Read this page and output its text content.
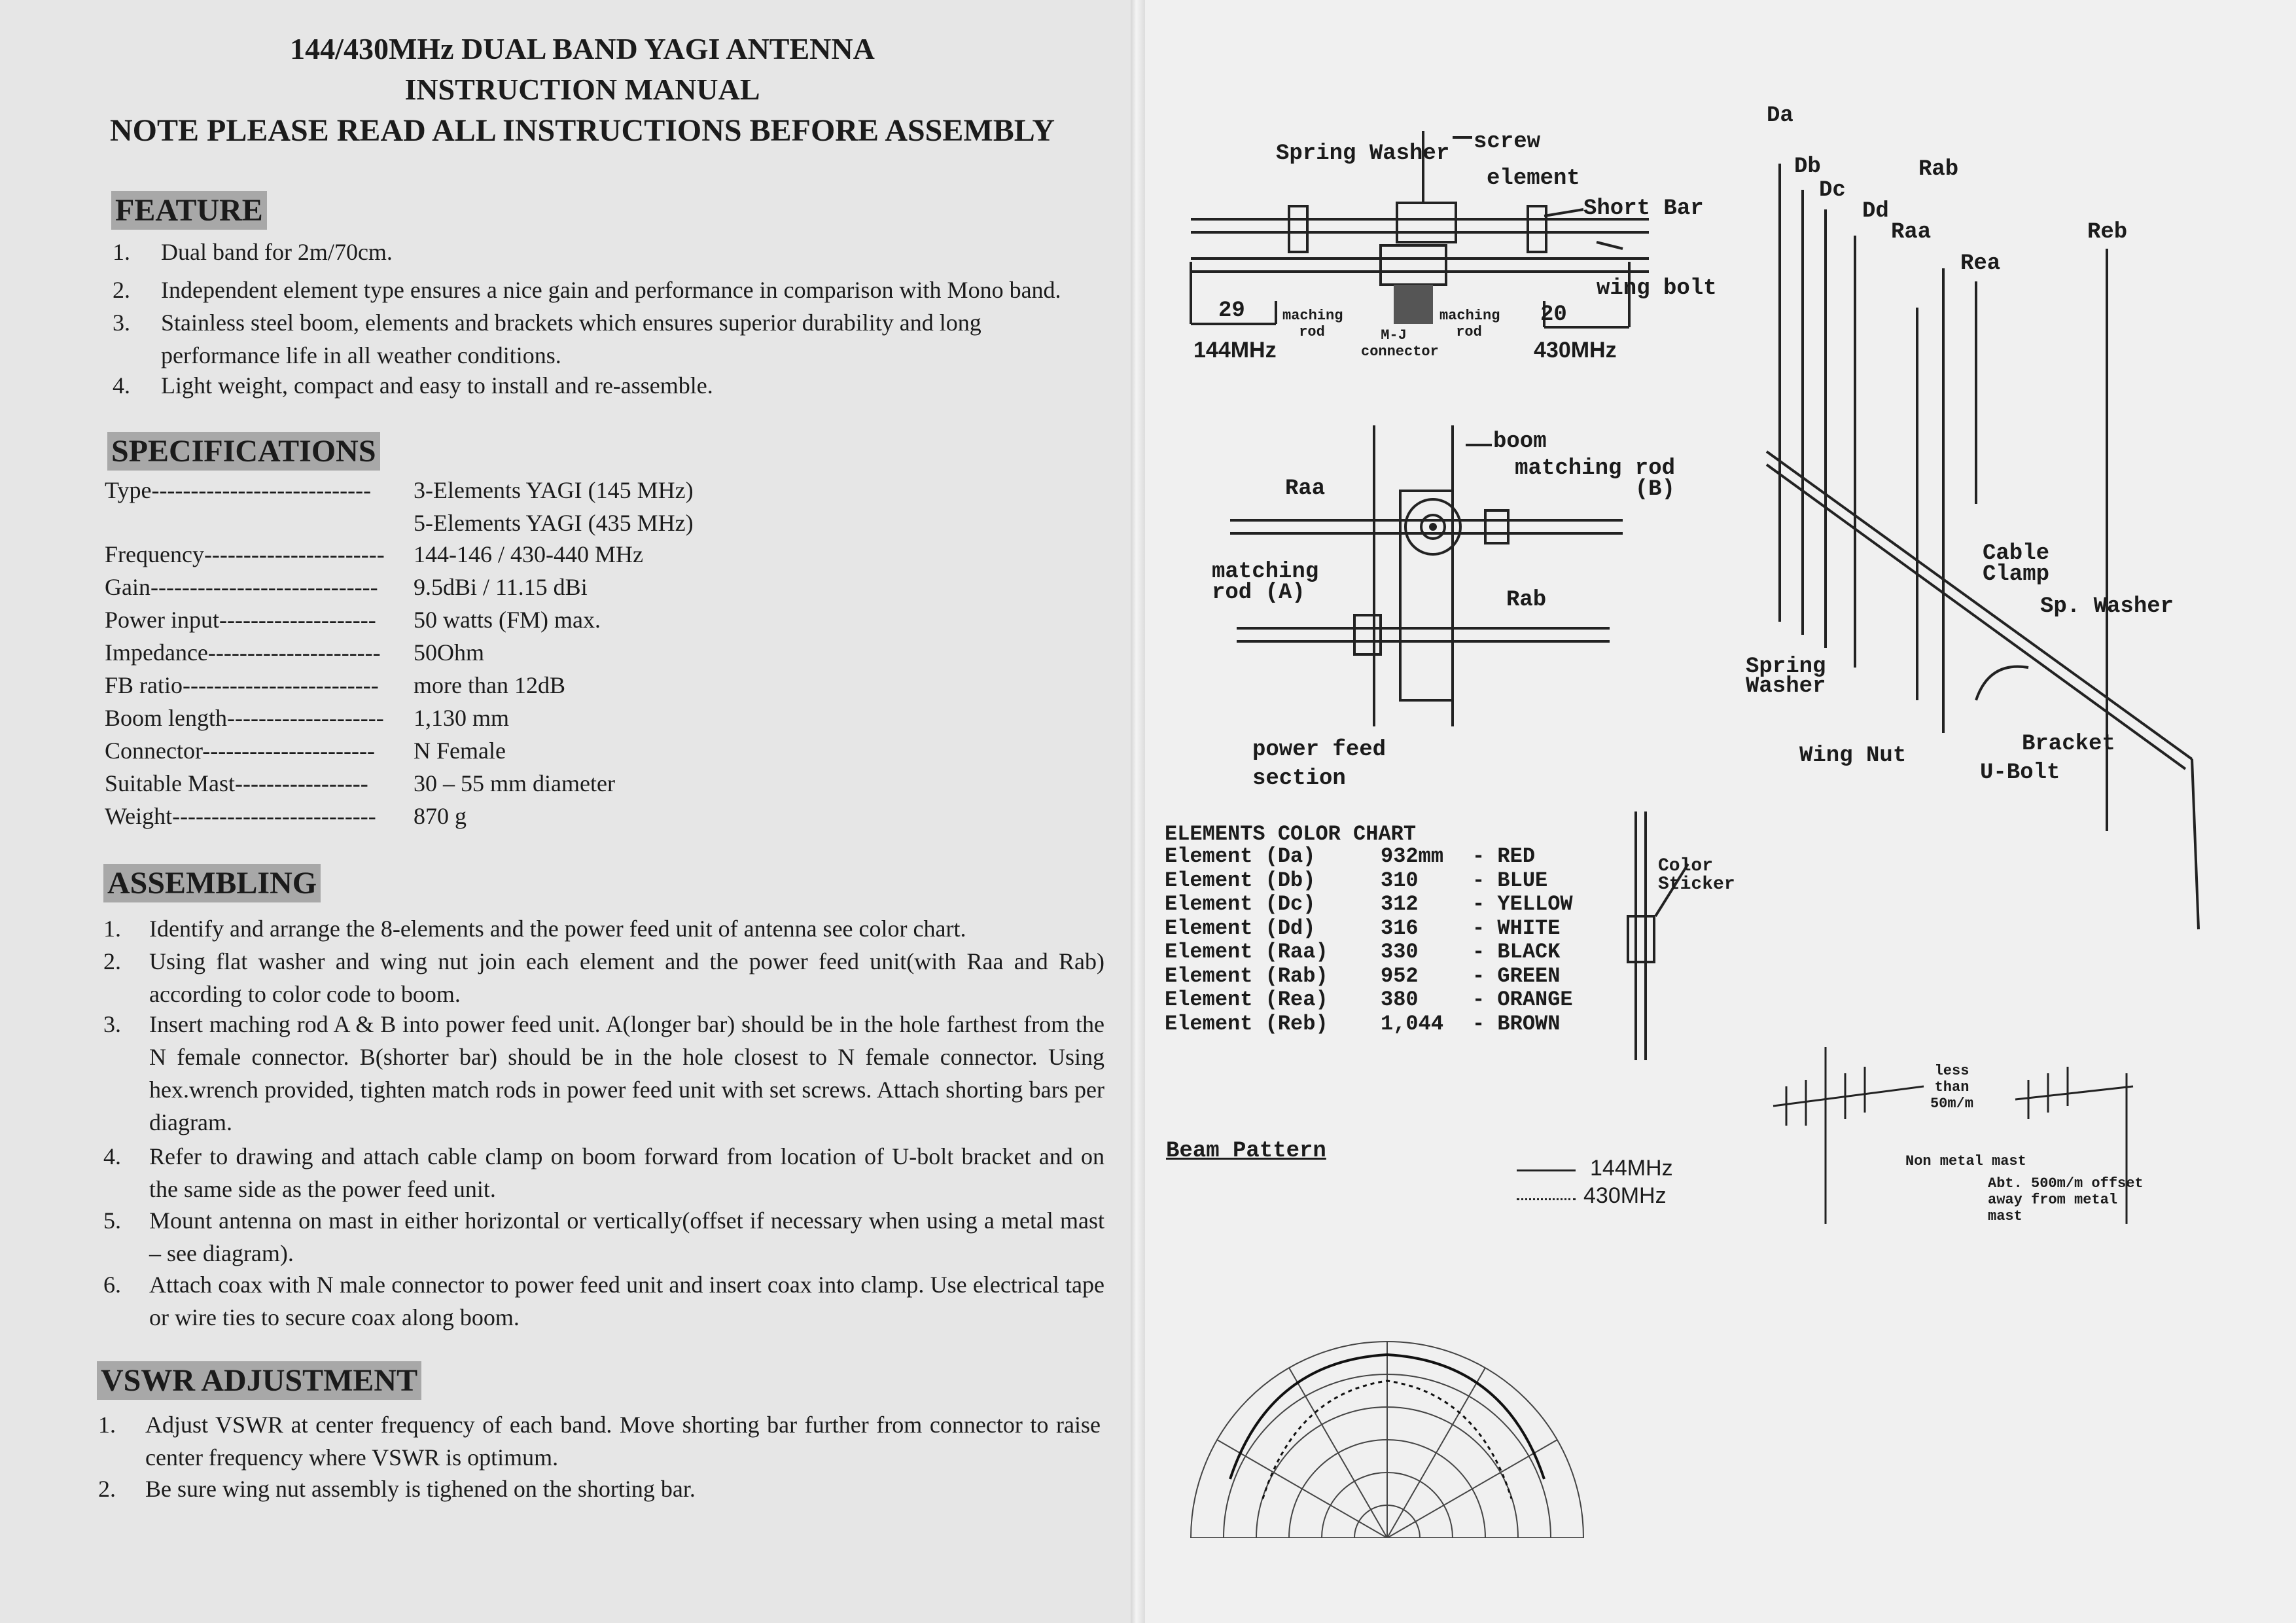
144/430MHz DUAL BAND YAGI ANTENNA
INSTRUCTION MANUAL
NOTE PLEASE READ ALL INSTRUCTIONS BEFORE ASSEMBLY
FEATURE
1. Dual band for 2m/70cm.
2. Independent element type ensures a nice gain and performance in comparison with Mono band.
3. Stainless steel boom, elements and brackets which ensures superior durability and long performance life in all weather conditions.
4. Light weight, compact and easy to install and re-assemble.
SPECIFICATIONS
Type---------------------------- 3-Elements YAGI (145 MHz)
5-Elements YAGI (435 MHz)
Frequency----------------------- 144-146 / 430-440 MHz
Gain----------------------------- 9.5dBi / 11.15 dBi
Power input-------------------- 50 watts (FM) max.
Impedance---------------------- 50Ohm
FB ratio------------------------- more than 12dB
Boom length-------------------- 1,130 mm
Connector---------------------- N Female
Suitable Mast----------------- 30 – 55 mm diameter
Weight-------------------------- 870 g
ASSEMBLING
1. Identify and arrange the 8-elements and the power feed unit of antenna see color chart.
2. Using flat washer and wing nut join each element and the power feed unit(with Raa and Rab) according to color code to boom.
3. Insert maching rod A & B into power feed unit. A(longer bar) should be in the hole farthest from the N female connector. B(shorter bar) should be in the hole closest to N female connector. Using hex.wrench provided, tighten match rods in power feed unit with set screws. Attach shorting bars per diagram.
4. Refer to drawing and attach cable clamp on boom forward from location of U-bolt bracket and on the same side as the power feed unit.
5. Mount antenna on mast in either horizontal or vertically(offset if necessary when using a metal mast – see diagram).
6. Attach coax with N male connector to power feed unit and insert coax into clamp. Use electrical tape or wire ties to secure coax along boom.
VSWR ADJUSTMENT
1. Adjust VSWR at center frequency of each band. Move shorting bar further from connector to raise center frequency where VSWR is optimum.
2. Be sure wing nut assembly is tighened on the shorting bar.
Spring Washer screw
element
Short Bar
wing bolt
29	20
maching rod	M-J connector
maching rod
144MHz	430MHz
boom
matching rod (B)
Raa
matching rod (A)	Rab
power feed section
Da
Db
Dc
Dd
Raa
Rab
Rea
Reb
Cable Clamp
Sp. Washer
Spring Washer
Wing Nut	Bracket
U-Bolt
ELEMENTS COLOR CHART
Element (Da)	932mm - RED
Element (Db)	310	- BLUE
Element (Dc)	312	- YELLOW
Element (Dd)	316	- WHITE
Element (Raa)	330	- BLACK
Element (Rab)	952	- GREEN
Element (Rea)	380	- ORANGE
Element (Reb)	1,044 - BROWN
Color Sticker
less than 50m/m
Non metal mast
Abt. 500m/m offset away from metal mast
Beam Pattern
144MHz
430MHz
